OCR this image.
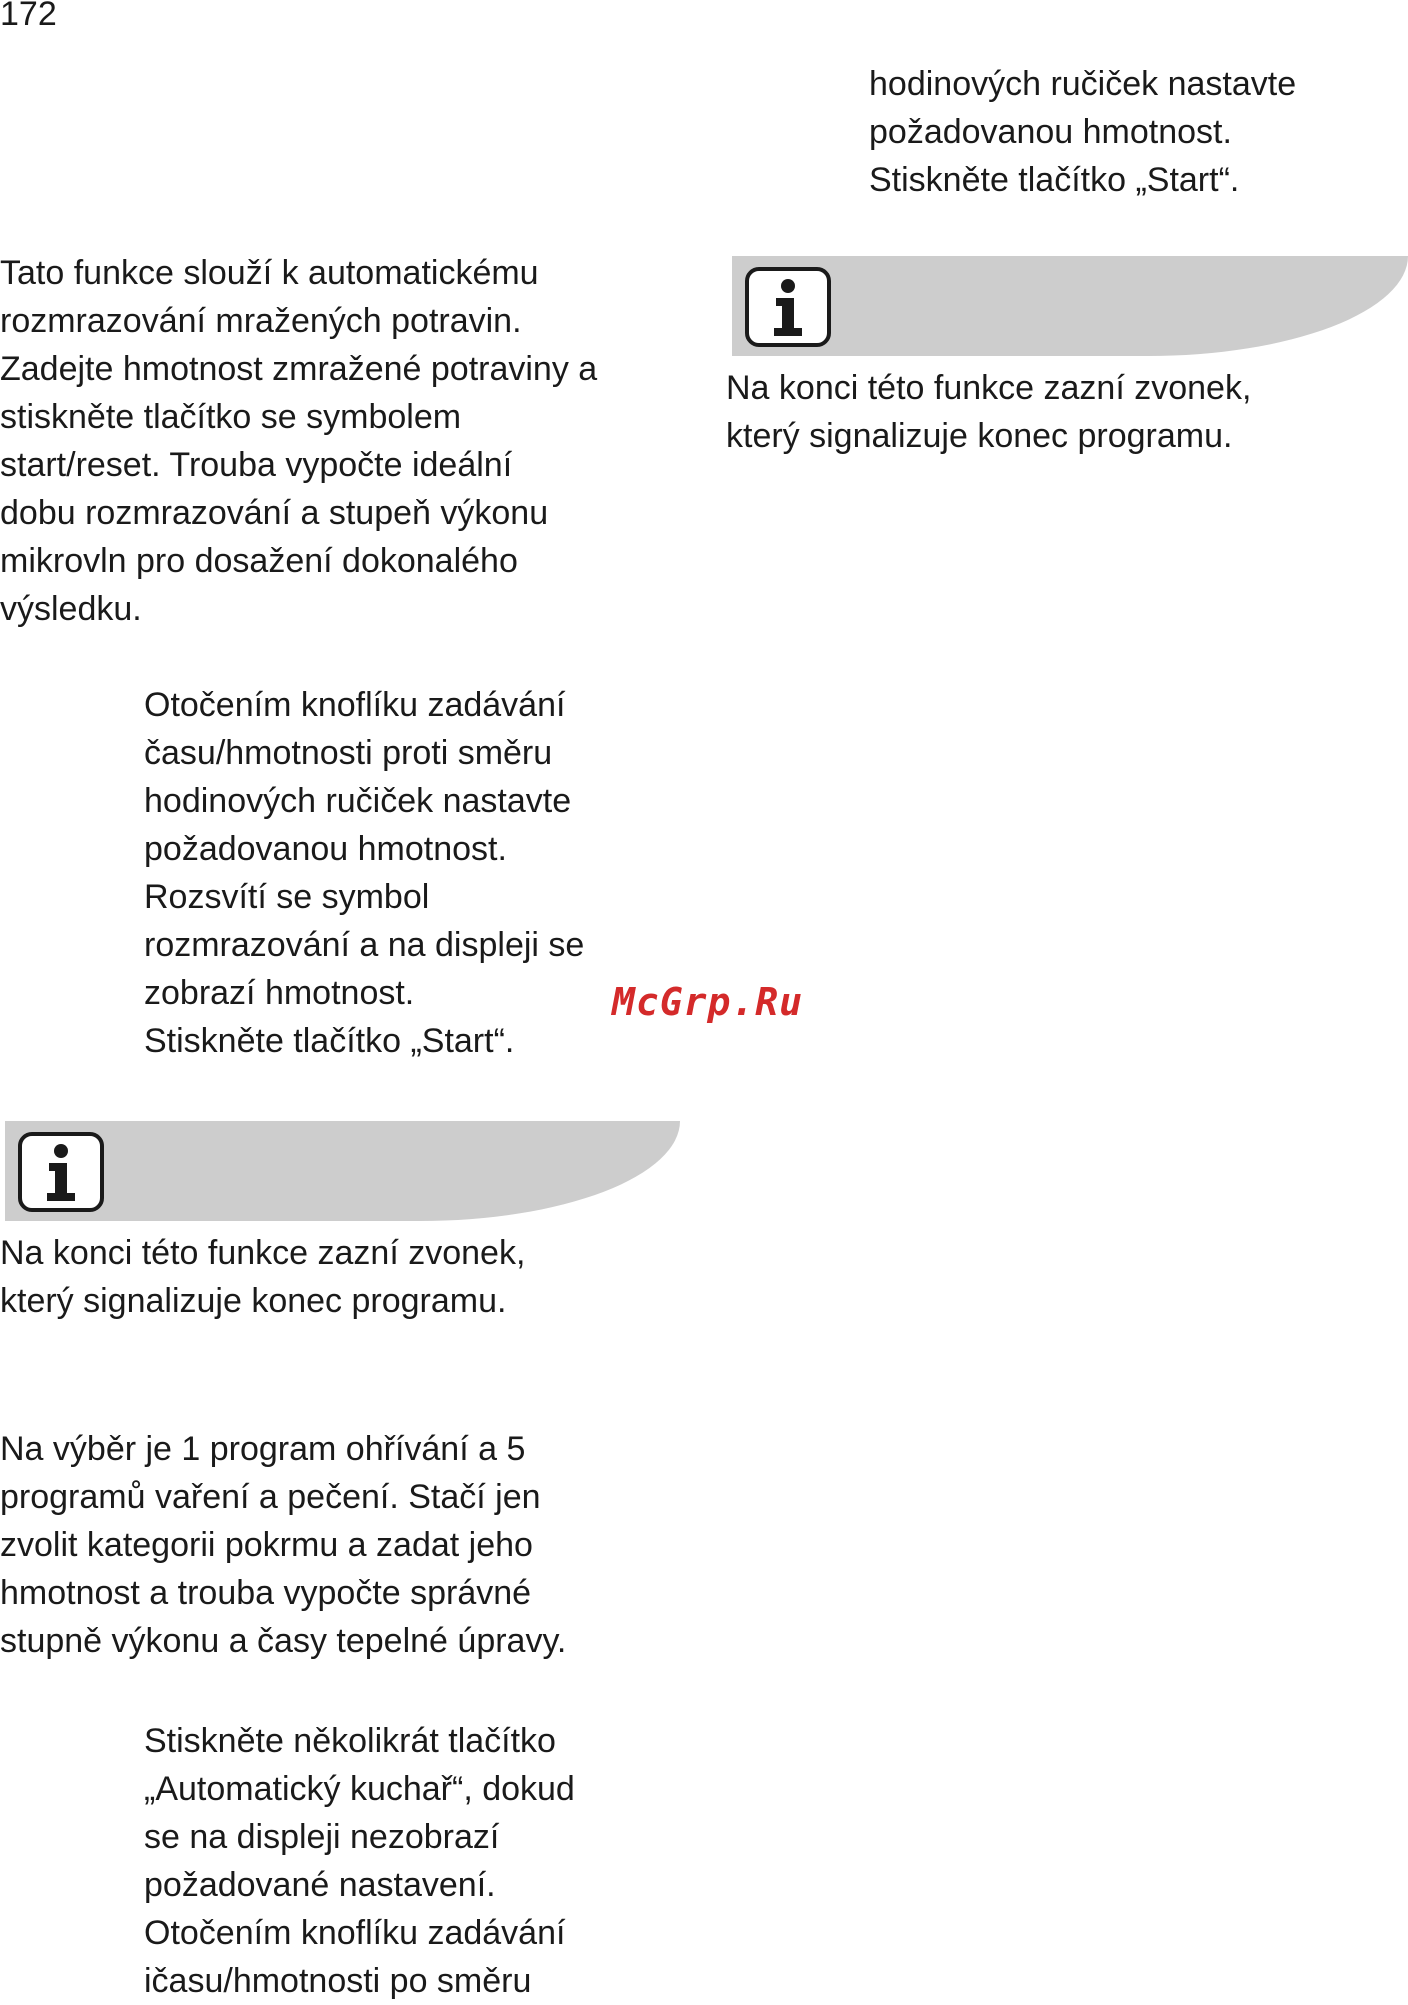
172

hodinových ručiček nastavte
požadovanou hmotnost.
Stiskněte tlačítko „Start“.

Na konci této funkce zazní zvonek,
který signalizuje konec programu.

Tato funkce slouží k automatickému
rozmrazování mražených potravin.
Zadejte hmotnost zmražené potraviny a
stiskněte tlačítko se symbolem
start/reset. Trouba vypočte ideální
dobu rozmrazování a stupeň výkonu
mikrovln pro dosažení dokonalého
výsledku.

Otočením knoflíku zadávání
času/hmotnosti proti směru
hodinových ručiček nastavte
požadovanou hmotnost.
Rozsvítí se symbol
rozmrazování a na displeji se
zobrazí hmotnost.
Stiskněte tlačítko „Start“.

McGrp.Ru

Na konci této funkce zazní zvonek,
který signalizuje konec programu.

Na výběr je 1 program ohřívání a 5
programů vaření a pečení. Stačí jen
zvolit kategorii pokrmu a zadat jeho
hmotnost a trouba vypočte správné
stupně výkonu a časy tepelné úpravy.

Stiskněte několikrát tlačítko
„Automatický kuchař“, dokud
se na displeji nezobrazí
požadované nastavení.
Otočením knoflíku zadávání
ičasu/hmotnosti po směru
